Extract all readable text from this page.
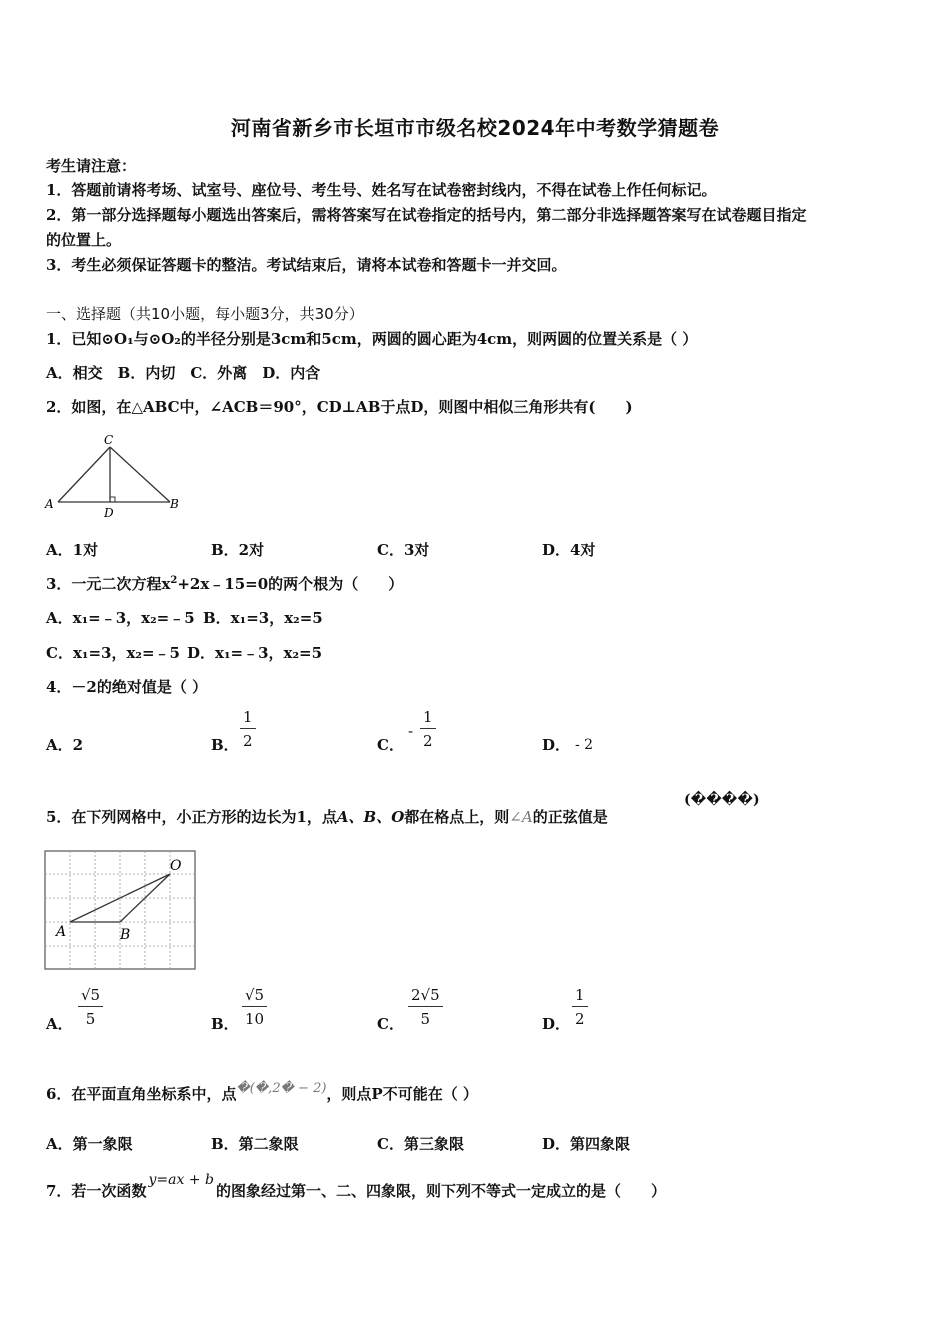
河南省新乡市长垣市市级名校2024年中考数学猜题卷
考生请注意：
1．答题前请将考场、试室号、座位号、考生号、姓名写在试卷密封线内，不得在试卷上作任何标记。
2．第一部分选择题每小题选出答案后，需将答案写在试卷指定的括号内，第二部分非选择题答案写在试卷题目指定
的位置上。
3．考生必须保证答题卡的整洁。考试结束后，请将本试卷和答题卡一并交回。
一、选择题（共10小题，每小题3分，共30分）
1．已知⊙O₁与⊙O₂的半径分别是3cm和5cm，两圆的圆心距为4cm，则两圆的位置关系是（ ）
A．相交　B．内切　C．外离　D．内含
2．如图，在△ABC中，∠ACB＝90°，CD⊥AB于点D，则图中相似三角形共有(　　)
C
A
D
B
A．1对	B．2对	C．3对	D．4对
3．一元二次方程$x^2+2x﹣15=0$的两个根为（　　）
A．x₁=﹣3，x₂=﹣5 B．x₁=3，x₂=5
C．x₁=3，x₂=﹣5 D．x₁=﹣3，x₂=5
4．－2的绝对值是（ ）
A．2	B． $\frac{1}{2}$	C．
- $\frac{1}{2}$	D． - 2
5．在下列网格中，小正方形的边长为1，点A、B、O都在格点上，则∠A的正弦值是
(����)
O
A	B
A． $\frac{√5}{5}$	B． $\frac{√5}{10}$	C． $\frac{2√5}{5}$	D． $\frac{1}{2}$
6．在平面直角坐标系中，点�(�,2� − 2)，则点P不可能在（ ）
A．第一象限	B．第二象限	C．第三象限	D．第四象限
7．若一次函数y=ax + b的图象经过第一、二、四象限，则下列不等式一定成立的是（　　）
